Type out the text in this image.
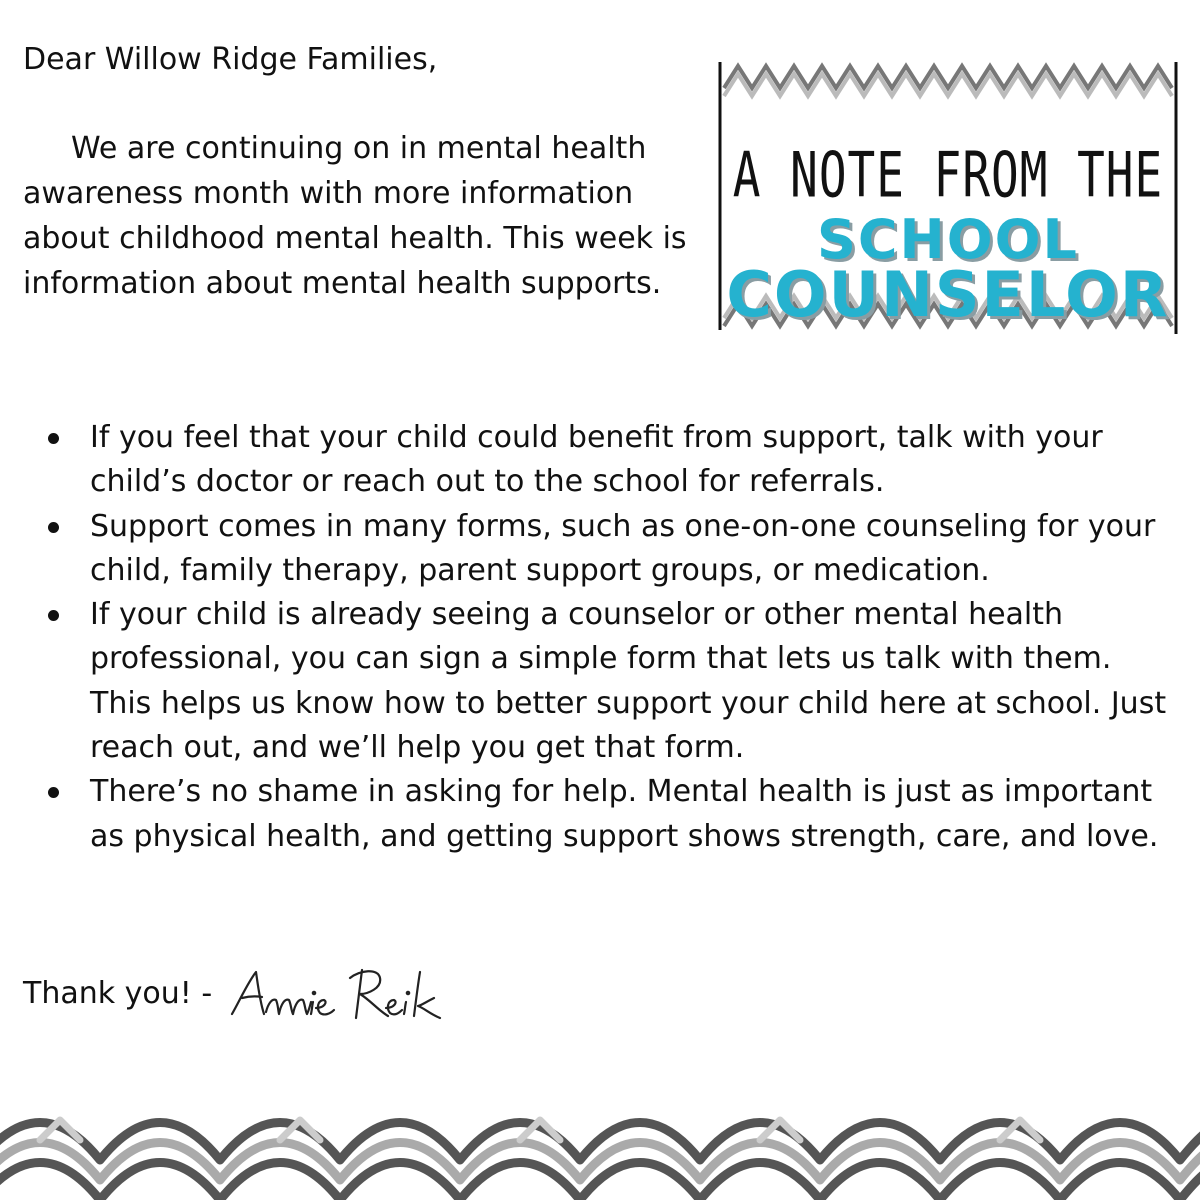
Dear Willow Ridge Families,

We are continuing on in mental health awareness month with more information about childhood mental health. This week is information about mental health supports.

A NOTE FROM THE
SCHOOL
COUNSELOR
If you feel that your child could benefit from support, talk with your child’s doctor or reach out to the school for referrals.
Support comes in many forms, such as one-on-one counseling for your child, family therapy, parent support groups, or medication.
If your child is already seeing a counselor or other mental health professional, you can sign a simple form that lets us talk with them. This helps us know how to better support your child here at school. Just reach out, and we’ll help you get that form.
There’s no shame in asking for help. Mental health is just as important as physical health, and getting support shows strength, care, and love.

Thank you! -
